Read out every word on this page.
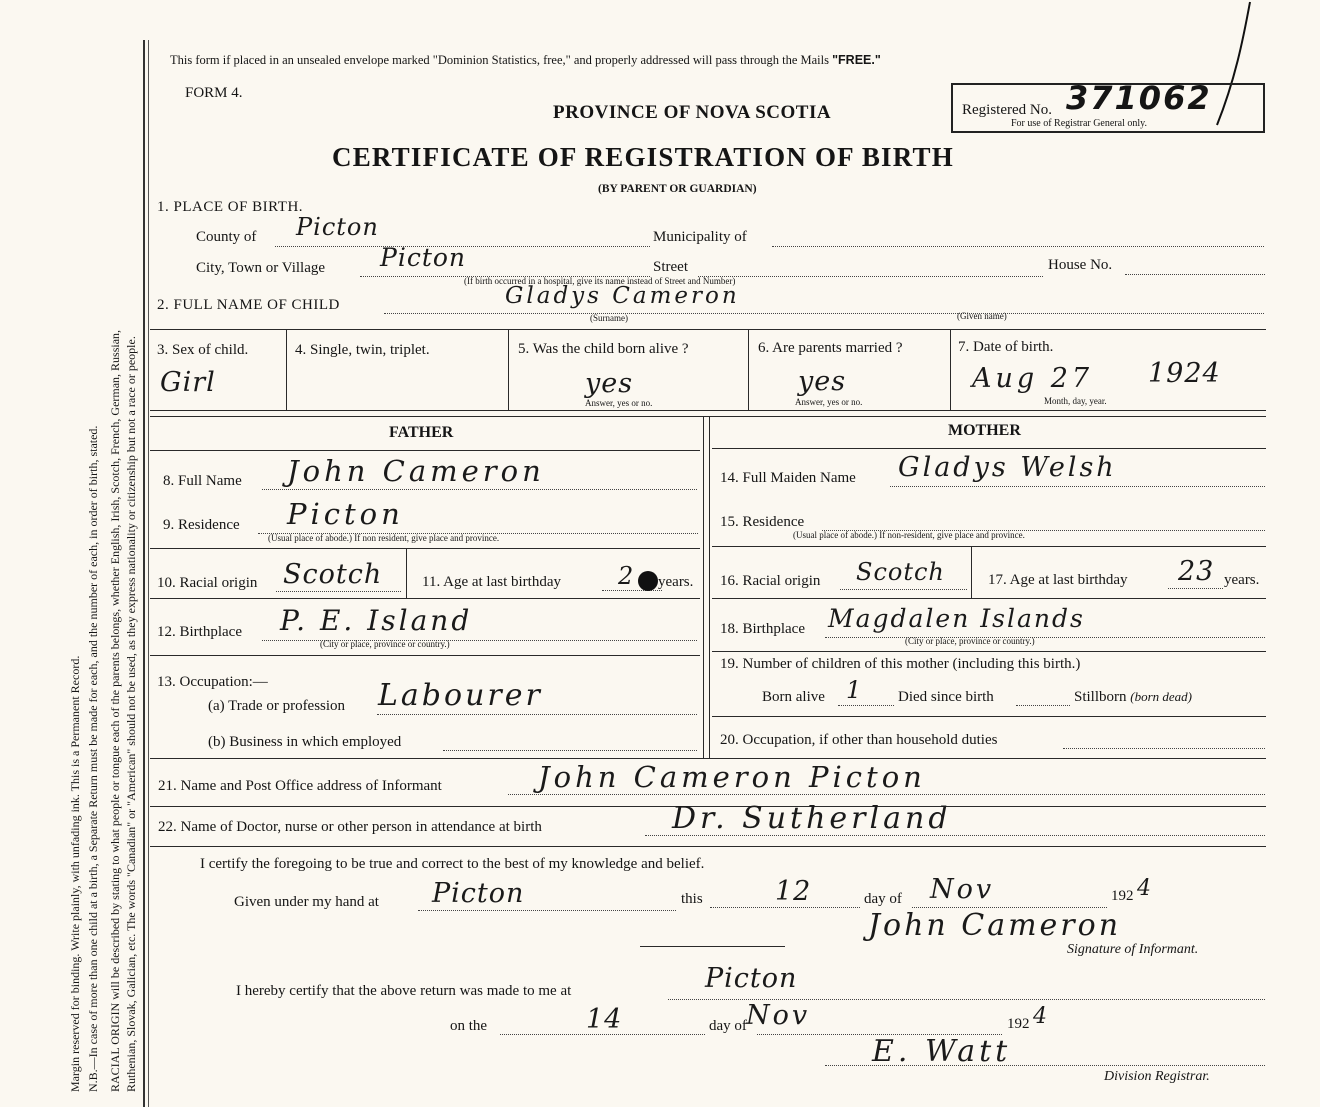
Margin reserved for binding. Write plainly, with unfading ink. This is a Permanent Record. N.B.—In case of more than one child at a birth, a Separate Return must be made for each, and the number of each, in order of birth, stated. RACIAL ORIGIN will be described by stating to what people or tongue each of the parents belongs, whether English, Irish, Scotch, French, German, Russian, Ruthenian, Slovak, Galician, etc. The words "Canadian" or "American" should not be used, as they express nationality or citizenship but not a race or people.
This form if placed in an unsealed envelope marked "Dominion Statistics, free," and properly addressed will pass through the Mails "FREE."
FORM 4.
PROVINCE OF NOVA SCOTIA
CERTIFICATE OF REGISTRATION OF BIRTH
(BY PARENT OR GUARDIAN)
Registered No. 371062
For use of Registrar General only.
1. PLACE OF BIRTH.
County of Picton	Municipality of
City, Town or Village Picton	Street
(If birth occurred in a hospital, give its name instead of Street and Number)
House No.
2. FULL NAME OF CHILD	Gladys Cameron
(Surname)	(Given name)
3. Sex of child.
Girl
4. Single, twin, triplet.	5. Was the child born alive ?
yes
Answer, yes or no.
6. Are parents married ?
yes
Answer, yes or no.
7. Date of birth.
Aug 27 1924
Month, day, year.
FATHER	MOTHER
8. Full Name John Cameron
9. Residence Picton
(Usual place of abode.) If non resident, give place and province.
10. Racial origin Scotch	11. Age at last birthday 2 years.
12. Birthplace P. E. Island
(City or place, province or country.)
13. Occupation:—
(a) Trade or profession Labourer
(b) Business in which employed
14. Full Maiden Name Gladys Welsh
15. Residence
(Usual place of abode.) If non-resident, give place and province.
16. Racial origin Scotch	17. Age at last birthday 23 years.
18. Birthplace Magdalen Islands
(City or place, province or country.)
19. Number of children of this mother (including this birth.)
Born alive 1 Died since birth	Stillborn (born dead)
20. Occupation, if other than household duties
21. Name and Post Office address of Informant	John Cameron Picton
22. Name of Doctor, nurse or other person in attendance at birth	Dr. Sutherland
I certify the foregoing to be true and correct to the best of my knowledge and belief.
Given under my hand at Picton	this	12	day of Nov	192 4
John Cameron
Signature of Informant.
I hereby certify that the above return was made to me at	Picton
on the	14	day of Nov	192 4
E. Watt
Division Registrar.
